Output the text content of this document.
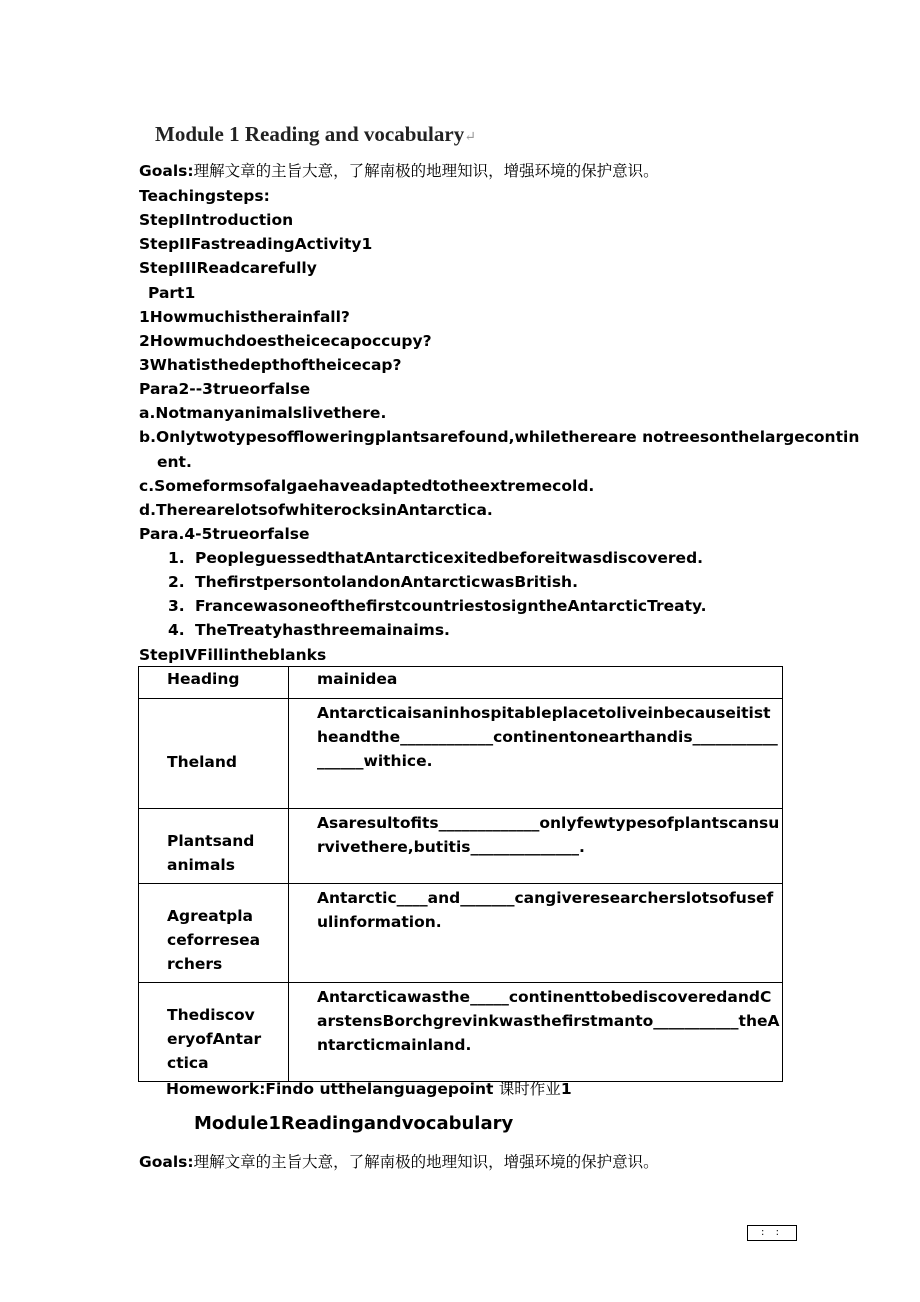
Module 1 Reading and vocabulary↵
Goals:理解文章的主旨大意，了解南极的地理知识，增强环境的保护意识。
Teachingsteps:
StepIIntroduction
StepIIFastreadingActivity1
StepIIIReadcarefully
Part1
1Howmuchistherainfall?
2Howmuchdoestheicecapoccupy?
3Whatisthedepthoftheicecap?
Para2--3trueorfalse
a.Notmanyanimalslivethere.
b.Onlytwotypesoffloweringplantsarefound,whilethereare notreesonthelargecontin
ent.
c.Someformsofalgaehaveadaptedtotheextremecold.
d.TherearelotsofwhiterocksinAntarctica.
Para.4-5trueorfalse
1. PeopleguessedthatAntarcticexitedbeforeitwasdiscovered.
2. ThefirstpersontolandonAntarcticwasBritish.
3. FrancewasoneofthefirstcountriestosigntheAntarcticTreaty.
4. TheTreatyhasthreemainaims.
StepIVFillintheblanks
Heading	mainidea

Theland	Antarcticaisaninhospitableplacetoliveinbecauseitistheandthe____________continentonearthandis_________________withice.

Plantsandanimals	Asaresultofits_____________onlyfewtypesofplantscansurvivethere,butitis______________.

Agreatplaceforresearchers	Antarctic____and_______cangiveresearcherslotsofusefulinformation.

ThediscoveryofAntarctica	Antarcticawasthe_____continenttobediscoveredandCarstensBorchgrevinkwasthefirstmanto___________theAntarcticmainland.
Homework:Findo utthelanguagepoint 课时作业1
Module1Readingandvocabulary
Goals:理解文章的主旨大意，了解南极的地理知识，增强环境的保护意识。
: :
